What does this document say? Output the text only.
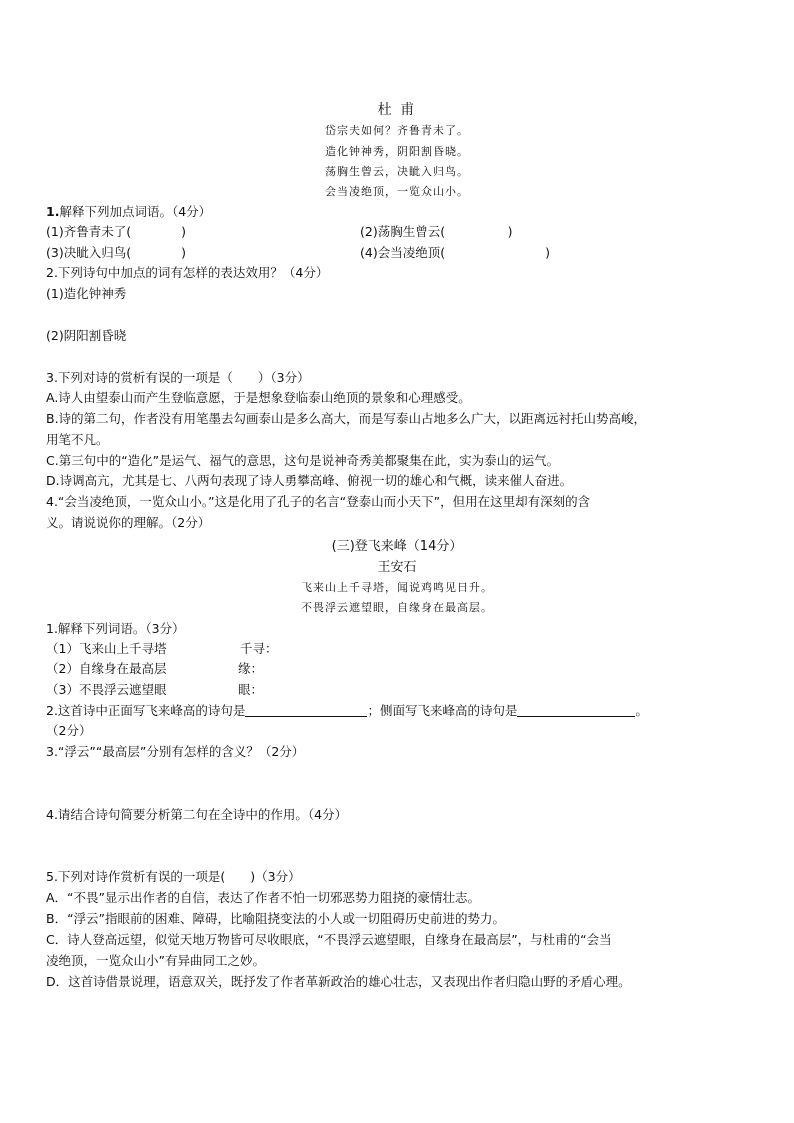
杜 甫
岱宗夫如何？齐鲁青未了。
造化钟神秀，阴阳割昏晓。
荡胸生曾云，决眦入归鸟。
会当凌绝顶，一览众山小。
1.解释下列加点词语。（4分）
(1)齐鲁青未了(　　　　)	(2)荡胸生曾云(　　　　　)
(3)决眦入归鸟(　　　　)	(4)会当凌绝顶(　　　　　　　　)
2.下列诗句中加点的词有怎样的表达效用？（4分）
(1)造化钟神秀
(2)阴阳割昏晓
3.下列对诗的赏析有误的一项是（　　）（3分）
A.诗人由望泰山而产生登临意愿，于是想象登临泰山绝顶的景象和心理感受。
B.诗的第二句，作者没有用笔墨去勾画泰山是多么高大，而是写泰山占地多么广大，以距离远衬托山势高峻，
用笔不凡。
C.第三句中的“造化”是运气、福气的意思，这句是说神奇秀美都聚集在此，实为泰山的运气。
D.诗调高亢，尤其是七、八两句表现了诗人勇攀高峰、俯视一切的雄心和气概，读来催人奋进。
4.“会当凌绝顶，一览众山小。”这是化用了孔子的名言“登泰山而小天下”，但用在这里却有深刻的含
义。请说说你的理解。（2分）
(三)登飞来峰（14分）
王安石
飞来山上千寻塔，闻说鸡鸣见日升。
不畏浮云遮望眼，自缘身在最高层。
1.解释下列词语。（3分）
（1）飞来山上千寻塔	千寻：
（2）自缘身在最高层	缘：
（3）不畏浮云遮望眼	眼：
2.这首诗中正面写飞来峰高的诗句是	；侧面写飞来峰高的诗句是	。
（2分）
3.“浮云”“最高层”分别有怎样的含义？（2分）
4.请结合诗句简要分析第二句在全诗中的作用。（4分）
5.下列对诗作赏析有误的一项是(　　)（3分）
A．“不畏”显示出作者的自信，表达了作者不怕一切邪恶势力阻挠的豪情壮志。
B．“浮云”指眼前的困难、障碍，比喻阻挠变法的小人或一切阻碍历史前进的势力。
C．诗人登高远望，似觉天地万物皆可尽收眼底，“不畏浮云遮望眼，自缘身在最高层”，与杜甫的“会当
凌绝顶，一览众山小”有异曲同工之妙。
D．这首诗借景说理，语意双关，既抒发了作者革新政治的雄心壮志，又表现出作者归隐山野的矛盾心理。
